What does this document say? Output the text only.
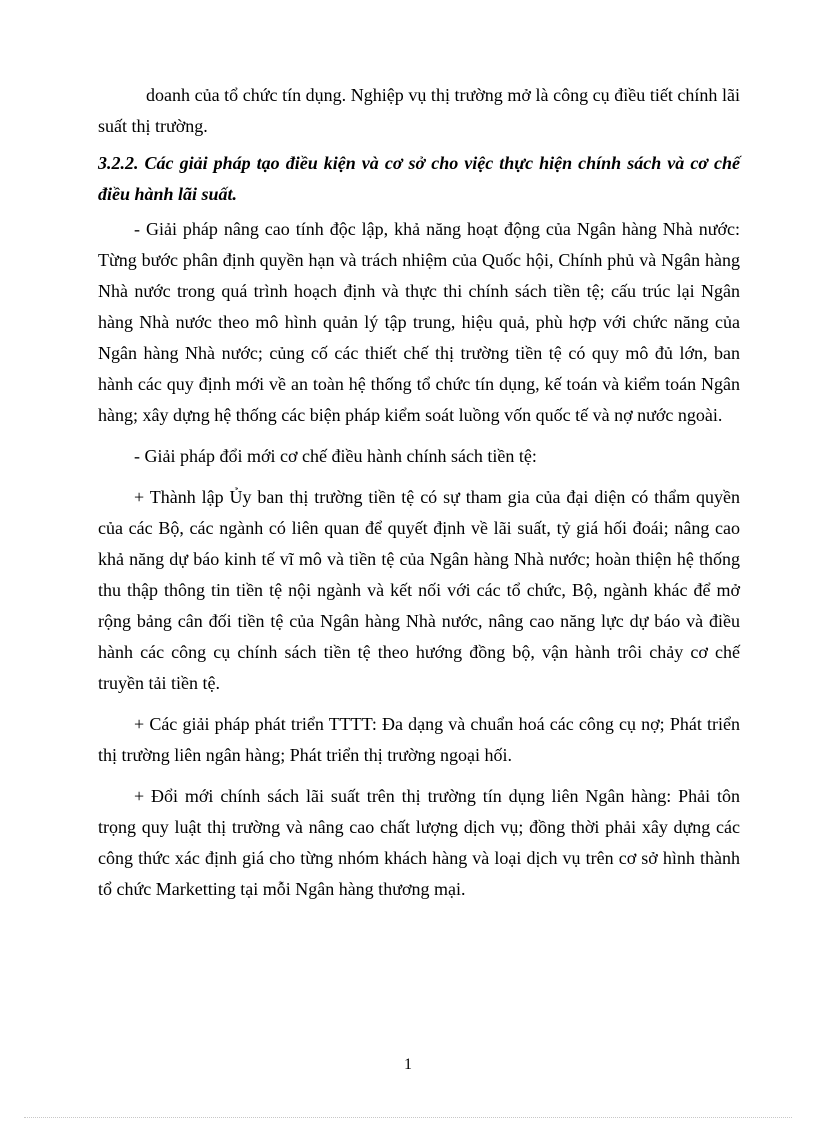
doanh của tổ chức tín dụng. Nghiệp vụ thị trường mở là công cụ điều tiết chính lãi suất thị trường.

3.2.2. Các giải pháp tạo điều kiện và cơ sở cho việc thực hiện chính sách và cơ chế điều hành lãi suất.

- Giải pháp nâng cao tính độc lập, khả năng hoạt động của Ngân hàng Nhà nước: Từng bước phân định quyền hạn và trách nhiệm của Quốc hội, Chính phủ và Ngân hàng Nhà nước trong quá trình hoạch định và thực thi chính sách tiền tệ; cấu trúc lại Ngân hàng Nhà nước theo mô hình quản lý tập trung, hiệu quả, phù hợp với chức năng của Ngân hàng Nhà nước; củng cố các thiết chế thị trường tiền tệ có quy mô đủ lớn, ban hành các quy định mới về an toàn hệ thống tổ chức tín dụng, kế toán và kiểm toán Ngân hàng; xây dựng hệ thống các biện pháp kiểm soát luồng vốn quốc tế và nợ nước ngoài.

- Giải pháp đổi mới cơ chế điều hành chính sách tiền tệ:

+ Thành lập Ủy ban thị trường tiền tệ có sự tham gia của đại diện có thẩm quyền của các Bộ, các ngành có liên quan để quyết định về lãi suất, tỷ giá hối đoái; nâng cao khả năng dự báo kinh tế vĩ mô và tiền tệ của Ngân hàng Nhà nước; hoàn thiện hệ thống thu thập thông tin tiền tệ nội ngành và kết nối với các tổ chức, Bộ, ngành khác để mở rộng bảng cân đối tiền tệ của Ngân hàng Nhà nước, nâng cao năng lực dự báo và điều hành các công cụ chính sách tiền tệ theo hướng đồng bộ, vận hành trôi chảy cơ chế truyền tải tiền tệ.

+ Các giải pháp phát triển TTTT: Đa dạng và chuẩn hoá các công cụ nợ; Phát triển thị trường liên ngân hàng; Phát triển thị trường ngoại hối.

+ Đổi mới chính sách lãi suất trên thị trường tín dụng liên Ngân hàng: Phải tôn trọng quy luật thị trường và nâng cao chất lượng dịch vụ; đồng thời phải xây dựng các công thức xác định giá cho từng nhóm khách hàng và loại dịch vụ trên cơ sở hình thành tổ chức Marketting tại mỗi Ngân hàng thương mại.

1
